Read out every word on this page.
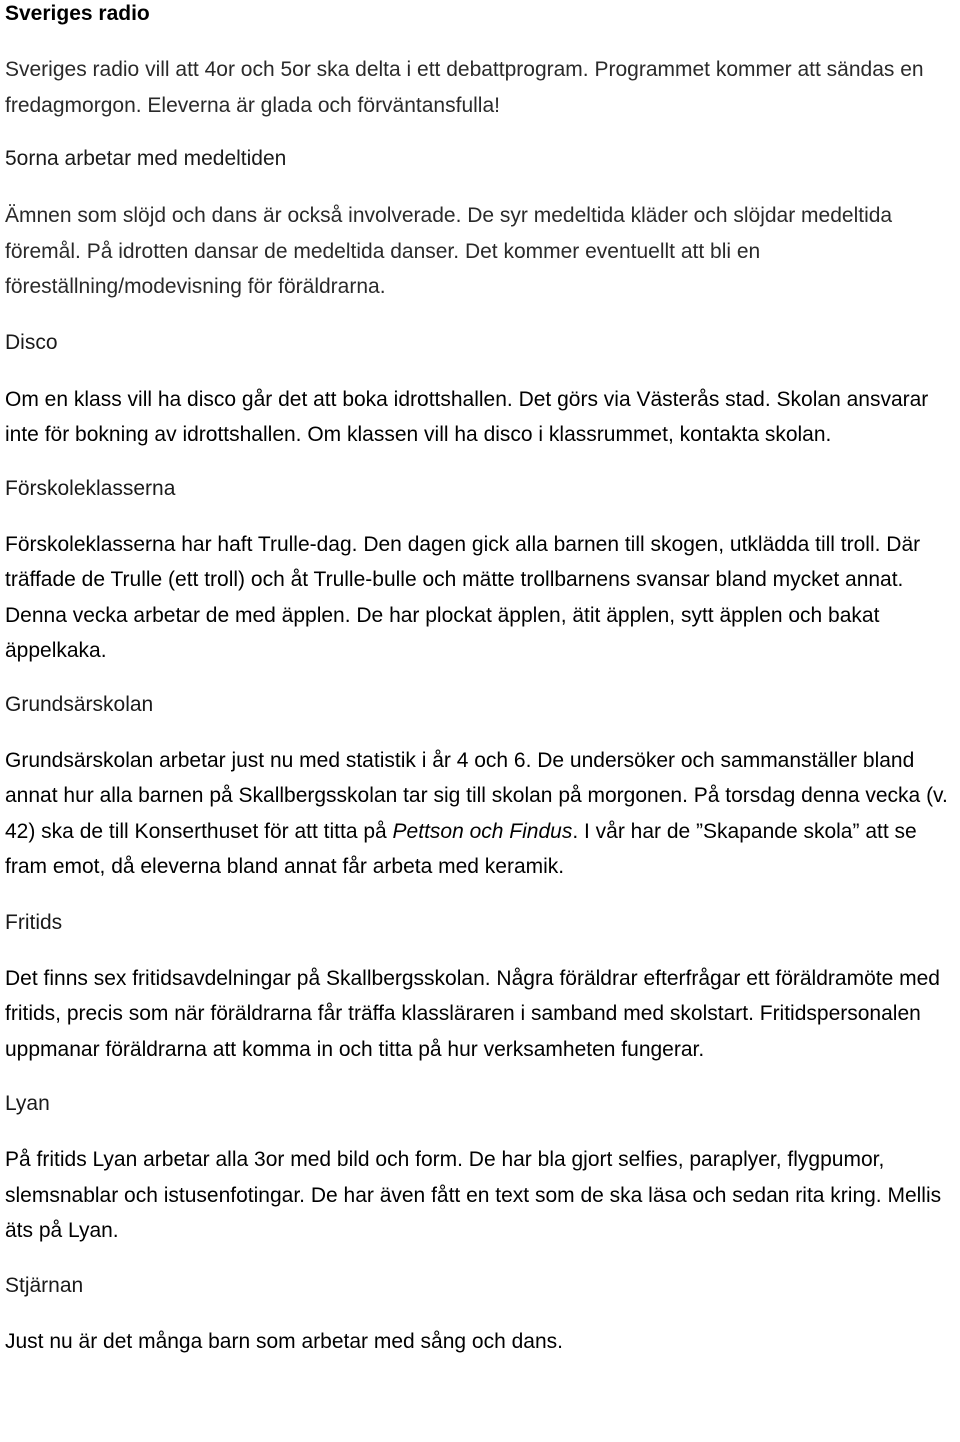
Sveriges radio

Sveriges radio vill att 4or och 5or ska delta i ett debattprogram. Programmet kommer att sändas en fredagmorgon. Eleverna är glada och förväntansfulla!

5orna arbetar med medeltiden

Ämnen som slöjd och dans är också involverade. De syr medeltida kläder och slöjdar medeltida föremål. På idrotten dansar de medeltida danser. Det kommer eventuellt att bli en föreställning/modevisning för föräldrarna.

Disco

Om en klass vill ha disco går det att boka idrottshallen. Det görs via Västerås stad. Skolan ansvarar inte för bokning av idrottshallen. Om klassen vill ha disco i klassrummet, kontakta skolan.

Förskoleklasserna

Förskoleklasserna har haft Trulle-dag. Den dagen gick alla barnen till skogen, utklädda till troll. Där träffade de Trulle (ett troll) och åt Trulle-bulle och mätte trollbarnens svansar bland mycket annat. Denna vecka arbetar de med äpplen. De har plockat äpplen, ätit äpplen, sytt äpplen och bakat äppelkaka.

Grundsärskolan

Grundsärskolan arbetar just nu med statistik i år 4 och 6. De undersöker och sammanställer bland annat hur alla barnen på Skallbergsskolan tar sig till skolan på morgonen. På torsdag denna vecka (v. 42) ska de till Konserthuset för att titta på Pettson och Findus. I vår har de ”Skapande skola” att se fram emot, då eleverna bland annat får arbeta med keramik.

Fritids

Det finns sex fritidsavdelningar på Skallbergsskolan. Några föräldrar efterfrågar ett föräldramöte med fritids, precis som när föräldrarna får träffa klassläraren i samband med skolstart. Fritidspersonalen uppmanar föräldrarna att komma in och titta på hur verksamheten fungerar.

Lyan

På fritids Lyan arbetar alla 3or med bild och form. De har bla gjort selfies, paraplyer, flygpumor, slemsnablar och istusenfotingar. De har även fått en text som de ska läsa och sedan rita kring. Mellis äts på Lyan.

Stjärnan

Just nu är det många barn som arbetar med sång och dans.
